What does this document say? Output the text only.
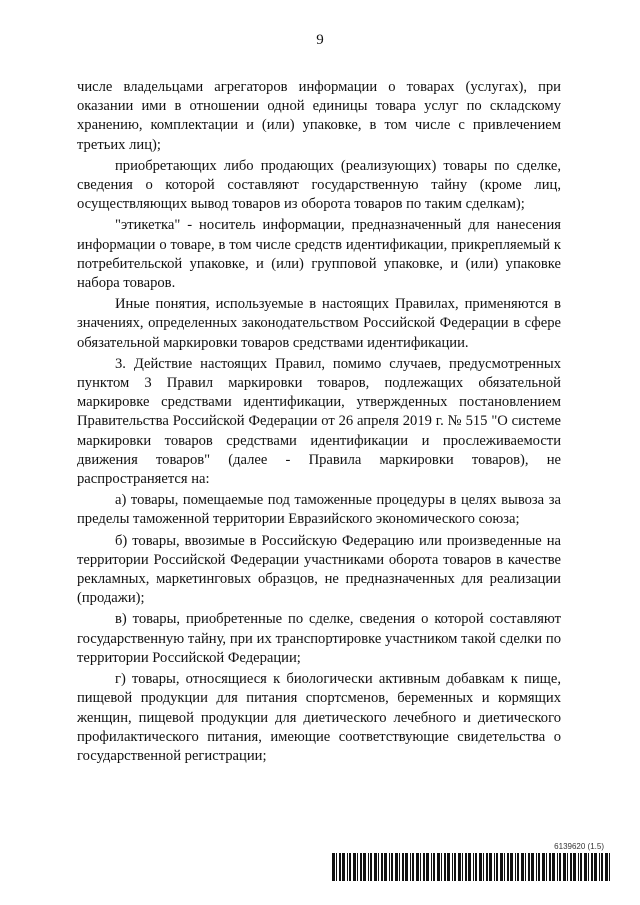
9

числе владельцами агрегаторов информации о товарах (услугах), при оказании ими в отношении одной единицы товара услуг по складскому хранению, комплектации и (или) упаковке, в том числе с привлечением третьих лиц);

приобретающих либо продающих (реализующих) товары по сделке, сведения о которой составляют государственную тайну (кроме лиц, осуществляющих вывод товаров из оборота товаров по таким сделкам);

"этикетка" - носитель информации, предназначенный для нанесения информации о товаре, в том числе средств идентификации, прикрепляемый к потребительской упаковке, и (или) групповой упаковке, и (или) упаковке набора товаров.

Иные понятия, используемые в настоящих Правилах, применяются в значениях, определенных законодательством Российской Федерации в сфере обязательной маркировки товаров средствами идентификации.

3. Действие настоящих Правил, помимо случаев, предусмотренных пунктом 3 Правил маркировки товаров, подлежащих обязательной маркировке средствами идентификации, утвержденных постановлением Правительства Российской Федерации от 26 апреля 2019 г. № 515 "О системе маркировки товаров средствами идентификации и прослеживаемости движения товаров" (далее - Правила маркировки товаров), не распространяется на:

а) товары, помещаемые под таможенные процедуры в целях вывоза за пределы таможенной территории Евразийского экономического союза;

б) товары, ввозимые в Российскую Федерацию или произведенные на территории Российской Федерации участниками оборота товаров в качестве рекламных, маркетинговых образцов, не предназначенных для реализации (продажи);

в) товары, приобретенные по сделке, сведения о которой составляют государственную тайну, при их транспортировке участником такой сделки по территории Российской Федерации;

г) товары, относящиеся к биологически активным добавкам к пище, пищевой продукции для питания спортсменов, беременных и кормящих женщин, пищевой продукции для диетического лечебного и диетического профилактического питания, имеющие соответствующие свидетельства о государственной регистрации;

6139620 (1.5)
